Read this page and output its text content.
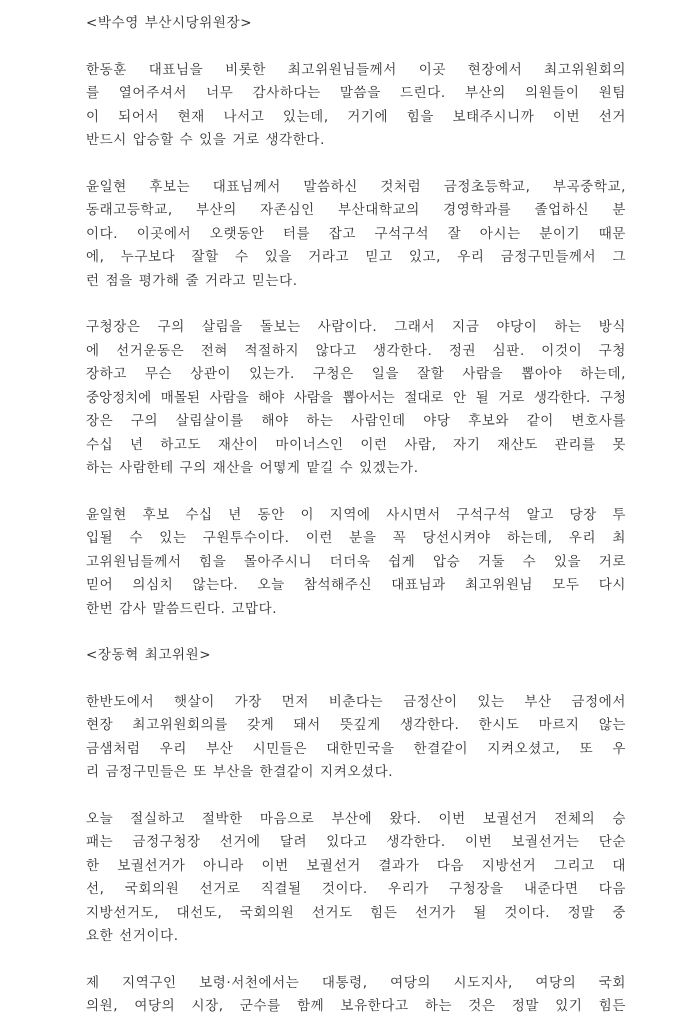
<박수영 부산시당위원장>
한동훈 대표님을 비롯한 최고위원님들께서 이곳 현장에서 최고위원회의
를 열어주셔서 너무 감사하다는 말씀을 드린다. 부산의 의원들이 원팀
이 되어서 현재 나서고 있는데, 거기에 힘을 보태주시니까 이번 선거
반드시 압승할 수 있을 거로 생각한다.
윤일현 후보는 대표님께서 말씀하신 것처럼 금정초등학교, 부곡중학교,
동래고등학교, 부산의 자존심인 부산대학교의 경영학과를 졸업하신 분
이다. 이곳에서 오랫동안 터를 잡고 구석구석 잘 아시는 분이기 때문
에, 누구보다 잘할 수 있을 거라고 믿고 있고, 우리 금정구민들께서 그
런 점을 평가해 줄 거라고 믿는다.
구청장은 구의 살림을 돌보는 사람이다. 그래서 지금 야당이 하는 방식
에 선거운동은 전혀 적절하지 않다고 생각한다. 정권 심판. 이것이 구청
장하고 무슨 상관이 있는가. 구청은 일을 잘할 사람을 뽑아야 하는데,
중앙정치에 매몰된 사람을 해야 사람을 뽑아서는 절대로 안 될 거로 생각한다. 구청
장은 구의 살림살이를 해야 하는 사람인데 야당 후보와 같이 변호사를
수십 년 하고도 재산이 마이너스인 이런 사람, 자기 재산도 관리를 못
하는 사람한테 구의 재산을 어떻게 맡길 수 있겠는가.
윤일현 후보 수십 년 동안 이 지역에 사시면서 구석구석 알고 당장 투
입될 수 있는 구원투수이다. 이런 분을 꼭 당선시켜야 하는데, 우리 최
고위원님들께서 힘을 몰아주시니 더더욱 쉽게 압승 거둘 수 있을 거로
믿어 의심치 않는다. 오늘 참석해주신 대표님과 최고위원님 모두 다시
한번 감사 말씀드린다. 고맙다.
<장동혁 최고위원>
한반도에서 햇살이 가장 먼저 비춘다는 금정산이 있는 부산 금정에서
현장 최고위원회의를 갖게 돼서 뜻깊게 생각한다. 한시도 마르지 않는
금샘처럼 우리 부산 시민들은 대한민국을 한결같이 지켜오셨고, 또 우
리 금정구민들은 또 부산을 한결같이 지켜오셨다.
오늘 절실하고 절박한 마음으로 부산에 왔다. 이번 보궐선거 전체의 승
패는 금정구청장 선거에 달려 있다고 생각한다. 이번 보궐선거는 단순
한 보궐선거가 아니라 이번 보궐선거 결과가 다음 지방선거 그리고 대
선, 국회의원 선거로 직결될 것이다. 우리가 구청장을 내준다면 다음
지방선거도, 대선도, 국회의원 선거도 힘든 선거가 될 것이다. 정말 중
요한 선거이다.
제 지역구인 보령·서천에서는 대통령, 여당의 시도지사, 여당의 국회
의원, 여당의 시장, 군수를 함께 보유한다고 하는 것은 정말 있기 힘든
